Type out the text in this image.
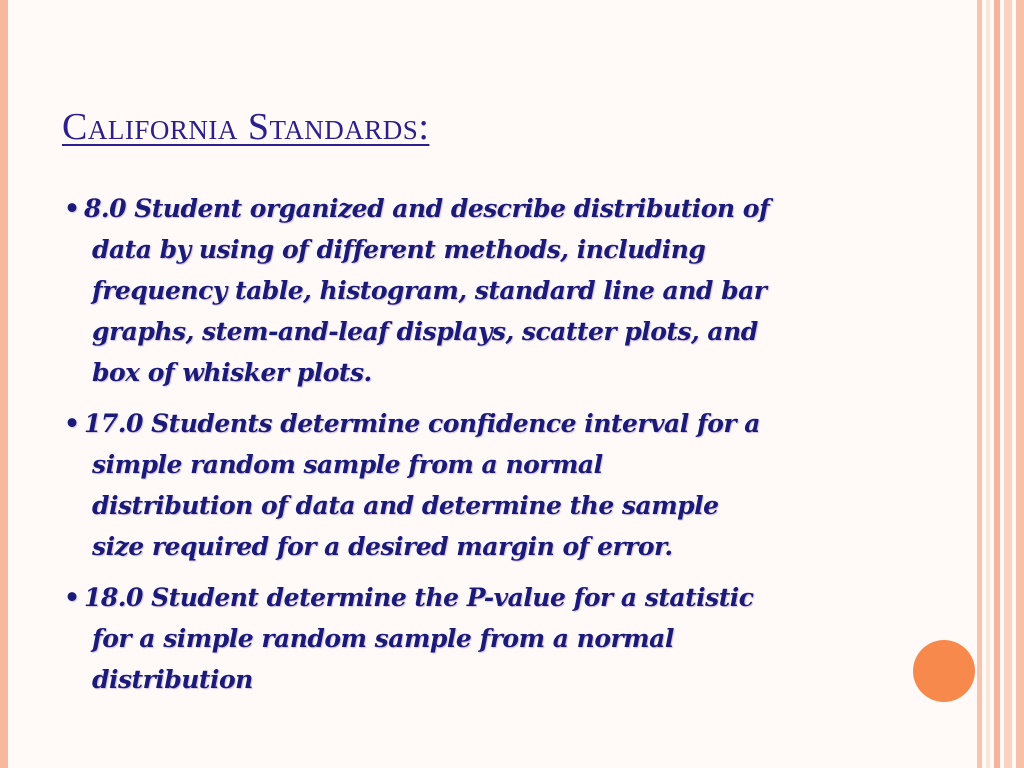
California Standards:
• 8.0 Student organized and describe distribution of
data by using of different methods, including
frequency table, histogram, standard line and bar
graphs, stem-and-leaf displays, scatter plots, and
box of whisker plots.
• 17.0 Students determine confidence interval for a
simple random sample from a normal
distribution of data and determine the sample
size required for a desired margin of error.
• 18.0 Student determine the P-value for a statistic
for a simple random sample from a normal
distribution
